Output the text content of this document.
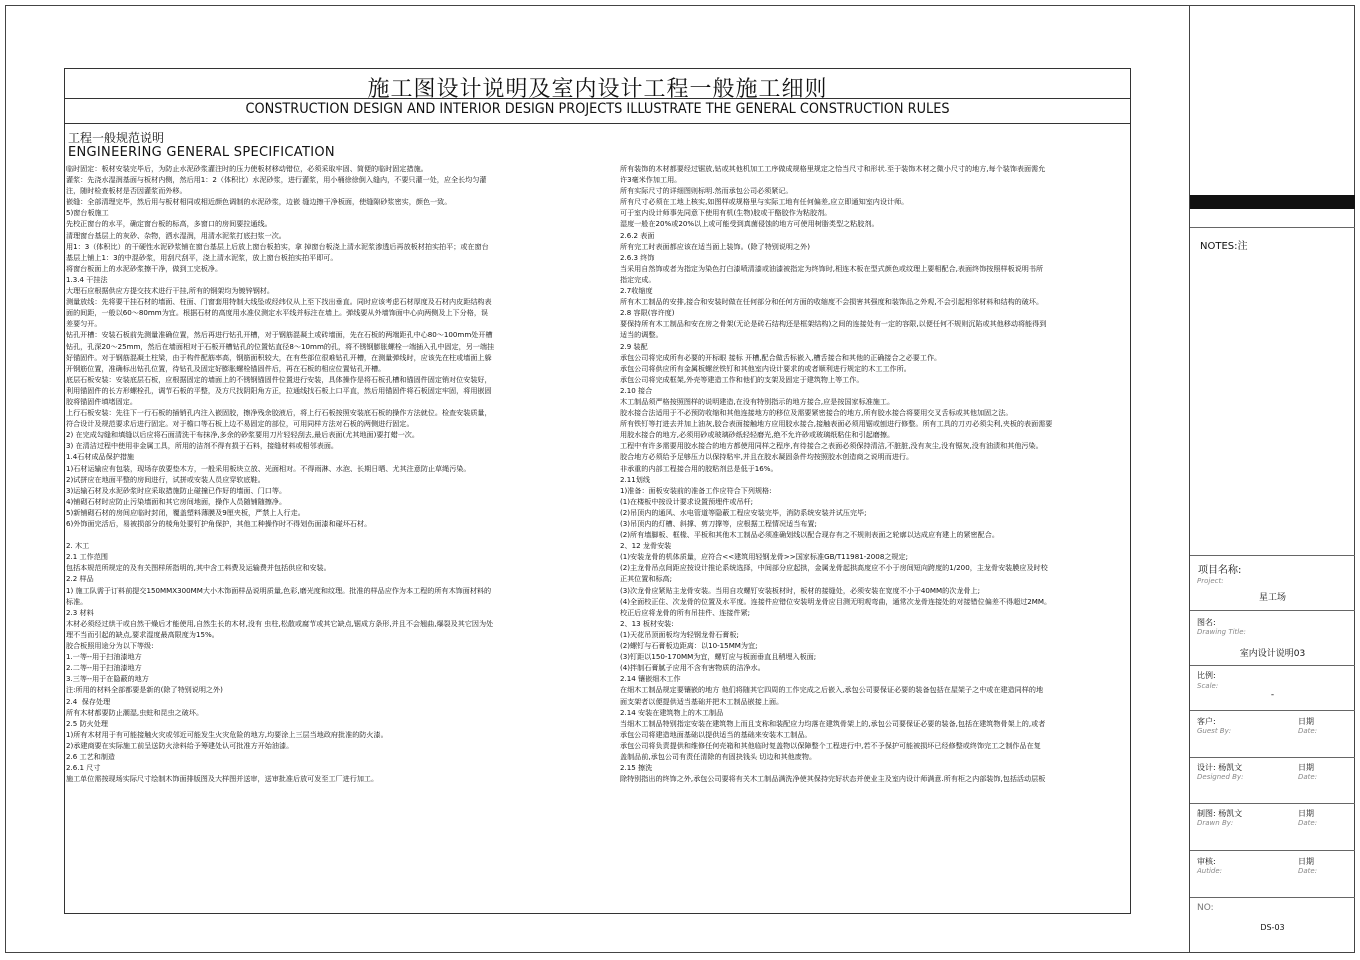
施工图设计说明及室内设计工程一般施工细则
CONSTRUCTION DESIGN AND INTERIOR DESIGN PROJECTS ILLUSTRATE THE GENERAL CONSTRUCTION RULES
工程一般规范说明
ENGINEERING GENERAL SPECIFICATION

临时固定：板材安装完毕后，为防止水泥砂浆灌注时的压力使板材移动错位，必须采取牢固、简便的临时固定措施。

灌浆：先浇水湿润基面与板材内侧，然后用1：2（体积比）水泥砂浆，进行灌浆，用小桶徐徐倒入缝内，不要只灌一处，应全长均匀灌

注，随时检查板材是否因灌浆而外移。

嵌缝：全部清理完毕，然后用与板材相同或相近颜色调制的水泥砂浆，边嵌 缝边擦干净板面，使缝隙砂浆密实，颜色一致。

5)窗台板施工

先校正窗台的水平，确定窗台板的标高，多窗口的房间要拉通线。

清理窗台基层上的灰砂、杂物，洒水湿润，用清水泥浆打底扫浆一次。

用1：3（体积比）的干硬性水泥砂浆铺在窗台基层上后放上窗台板拍实，拿 掉窗台板浇上清水泥浆渗透后再放板材拍实拍平；或在窗台

基层上铺上1：3的中混砂浆，用刮尺刮平，浇上清水泥浆，放上窗台板拍实拍平即可。

将窗台板面上的水泥砂浆擦干净，做到工完板净。

1.3.4 干挂法

大理石应根据供应方提交技术进行干挂,所有的钢架均为镀锌钢材。

测量放线：先将要干挂石材的墙面、柱面、门窗套用特制大线坠或经纬仪从上至下找出垂直。同时应该考虑石材厚度及石材内皮距结构表

面的间距，一般以60～80mm为宜。根据石材的高度用水准仪测定水平线并标注在墙上。弹线要从外墙饰面中心向两侧及上下分格，误

差要匀开。

钻孔开槽：安装石板前先测量准确位置，然后再进行钻孔开槽，对于钢筋混凝土或砖墙面，先在石板的两端距孔中心80～100mm处开槽

钻孔，孔深20～25mm，然后在墙面相对于石板开槽钻孔的位置钻直径8～10mm的孔，将不锈钢膨胀螺栓一端插入孔中固定，另一端挂

好锚固件。对于钢筋混凝土柱梁，由于构件配筋率高，钢筋面积较大，在有些部位很难钻孔开槽，在测量弹线时，应该先在柱或墙面上躲

开钢筋位置，准确标出钻孔位置，待钻孔及固定好膨胀螺栓锚固件后，再在石板的相应位置钻孔开槽。

底层石板安装：安装底层石板，应根据固定的墙面上的不锈钢锚固件位置进行安装，具体操作是将石板孔槽和锚固件固定销对位安装好，

利用锚固件的长方形螺栓孔，调节石板的平整，及方尺找阴阳角方正，拉通线找石板上口平直，然后用锚固件将石板固定牢固，将用嵌固

胶将锚固件填堵固定。

上行石板安装：先往下一行石板的插销孔内注入嵌固胶，擦净残余胶液后，将上行石板按照安装底石板的操作方法就位。检查安装质量，

符合设计及规范要求后进行固定。对于檐口等石板上边不易固定的部位，可用同样方法对石板的两侧进行固定。

2) 在完成勾缝和填缝以后应将石面清洗干布抹净,多余的砂浆要用刀片轻轻刮去,最后表面(尤其地面)要打蜡一次。

3) 在清洁过程中使用非金属工具，所用的洁剂不得有损于石料，接缝材料或相邻表面。

1.4石材成品保护措施

1)石材运输应有包装，现场存放要垫木方，一般采用板块立放、光面相对。不得雨淋、水泡、长期日晒、尤其注意防止草绳污染。

2)试拼应在地面平整的房间进行，试拼或安装人员应穿软底鞋。

3)运输石材及水泥砂浆时应采取措施防止碰撞已作好的墙面、门口等。

4)铺砌石材时应防止污染墙面和其它房间地面，操作人员随铺随擦净。

5)新铺砌石材的房间应临时封闭，覆盖塑料薄膜及9厘夹板，严禁上人行走。

6)外饰面完活后，易被损部分的棱角处要钉护角保护，其他工种操作时不得划伤面漆和碰坏石材。

2. 木工

2.1 工作范围

包括本规范所规定的及有关图样所指明的,其中含工料费及运输费并包括供应和安装。

2.2 样品

1) 施工队需于订料前提交150MMX300MM大小木饰面样品说明质量,色彩,磨光度和纹理。批准的样品应作为本工程的所有木饰面材料的

标准。

2.3 材料

木材必须经过烘干或自然干燥后才能使用,自然生长的木材,没有 虫柱,松散或腐节或其它缺点,锯成方条形,并且不会翘曲,爆裂及其它因为处

理不当而引起的缺点,要求湿度最高限度为15%。

胶合板照用途分为以下等级:

1.一等--用于扫油漆地方

2.二等--用于扫油漆地方

3.三等--用于在隐蔽的地方

注:所用的材料全部都要是新的(除了特别说明之外)

2.4  保存处理

所有木材都要防止潮湿,虫蛀和昆虫之破坏。

2.5 防火处理

1)所有木材用于有可能接触火灾或邻近可能发生火灾危险的地方,均要涂上三层当地政府批准的防火漆。

2)承建商要在实际施工前呈送防火涂料给予筹建处认可批准方开始油漆。

2.6 工艺和制造

2.6.1 尺寸

施工单位需按现场实际尺寸绘制木饰面排版图及大样图并送审，送审批准后放可发至工厂进行加工。

所有装饰的木材都要经过锯放,钻或其他机加工工序做成规格里规定之恰当尺寸和形状.至于装饰木材之微小尺寸的地方,每个装饰表面需允

许3毫米作加工用。

所有实际尺寸的详细图则标明.然而承包公司必须紧记。

所有尺寸必须在工地上核实,如图样或规格里与实际工地有任何偏差,应立即通知室内设计师。

可于室内设计师事先同意下使用有机(生物)胶或干酪胶作为粘胶剂。

湿度一般在20%或20%以上或可能受到真菌侵蚀的地方可使用树脂类型之粘胶剂。

2.6.2 表面

所有完工时表面都应该在适当面上装饰。(除了特别说明之外)

2.6.3 终饰

当采用自然饰或者为指定为染色打白漆喷清漆或油漆被指定为终饰时,相连木板在型式颜色或纹理上要相配合,表面终饰按照样板说明书所

指定完成。

2.7收缩度

所有木工制品的安排,接合和安装时做在任何部分和任何方面的收缩度不会损害其强度和装饰品之外观,不会引起相邻材料和结构的破坏。

2.8 容限(容许度)

要保持所有木工制品和安在房之骨架(无论是砖石结构还是框架结构)之间的连接处有一定的容限,以便任何不规则沉陷或其他移动将能得到

适当的调整。

2.9 装配

承包公司将完成所有必要的开标眼 接标 开槽,配合做舌标嵌入,槽舌接合和其他的正确接合之必要工作。

承包公司将供应所有金属板螺丝铁钉和其他室内设计要求的或者顺利进行规定的木工工作所。

承包公司将完成框架,外壳等建造工作和他们的支架及固定于建筑物上等工作。

2.10 接合

木工制品须严格按照图样的说明建造,在没有特别指示的地方接合,应是按国家标准施工。

胶水接合法适用于不必预防收缩和其他连接地方的移位及需要紧密接合的地方,所有胶水接合将要用交叉舌标或其他加固之法。

所有铁钉等打进去并加上油灰,胶合表面接触地方应用胶水接合,接触表面必须用锯或刨进行修整。所有工具的刀刃必须尖利,夹板的表面需要

用胶水接合的地方,必须用砂或玻璃砂纸轻轻磨光,绝不允许砂或玻璃纸粘住和引起磨擦。

工程中有许多需要用胶水接合的地方都使用同样之程序,有待接合之表面必须保持清洁,不脏脏,没有灰尘,没有锯灰,没有油渍和其他污染。

胶合地方必须给予足够压力以保持粘牢,并且在胶水凝固条件均按照胶水创造商之说明而进行。

非承重的内部工程接合用的胶粘剂总是低于16%。

2.11划线

1)准备：面板安装前的准备工作应符合下列规格:

(1)在楼板中按设计要求设置预埋件或吊杆;

(2)吊顶内的通风、水电管道等隐蔽工程应安装完毕，消防系统安装并试压完毕;

(3)吊顶内的灯槽、斜撑、剪刀撑等，应根据工程情况适当布置;

(2)所有墙脚板、框椽、平板和其他木工制品必须准确划线以配合现存有之不规则表面之轮廓以达成应有建上的紧密配合。

2、12 龙骨安装

(1)安装龙骨的机体质量，应符合<<建筑用轻钢龙骨>>国家标准GB/T11981-2008之规定;

(2)主龙骨吊点间距应按设计推论系统选择，中间部分应起拱，金属龙骨起拱高度应不小于房间短向跨度的1/200，主龙骨安装膜应及时校

正其位置和标高;

(3)次龙骨应紧贴主龙骨安装。当用自攻螺钉安装板材时，板材的接缝处，必须安装在宽度不小于40MM的次龙骨上;

(4)全面校正住、次龙骨的位置及水平度。连接件应错位安装明龙骨应目测无明观弯曲，通常次龙骨连接处的对接错位偏差不得超过2MM。

校正后应将龙骨的所有吊挂件、连接件紧;

2、13 板材安装:

(1)天花吊顶面板均为轻钢龙骨石膏板;

(2)螺钉与石膏板边距离：以10-15MM为宜;

(3)钉距以150-170MM为宜，螺钉应与板面垂直且稍埋入板面;

(4)拌制石膏腻子应用不含有害物质的洁净水。

2.14 镶嵌细木工作

在细木工制品规定要镶嵌的地方 他们将随其它四周的工作完成之后嵌入,承包公司要保证必要的装备包括在屋架子之中或在建造同样的地

面支架者以便提供适当基础并把木工制品嵌接上面。

2.14 安装在建筑物上的木工制品

当细木工制品特别指定安装在建筑物上而且支称和装配应力均落在建筑骨架上的,承包公司要保证必要的装备,包括在建筑物骨架上的,或者

承包公司将建造地面基础以提供适当的基础来安装木工制品。

承包公司将负责提供和维修任何壳箱和其他临时复盖物以保障整个工程进行中,若不予保护可能被损坏已经修整或终饰完工之制作品在复

盖制品前,承包公司有责任清除的有固抉钱头 切边和其他废物。

2.15 擦洗

除特别指出的终饰之外,承包公司要将有关木工制品满洗净使其保持完好状态并使业主及室内设计师满意.所有柜之内部装饰,包括活动层板

NOTES:注
项目名称:
Project:
星工场
图名:
Drawing Title:
室内设计说明03
比例:
Scale:
-
客户:
Guest By:
日期
Date:
设计: 杨凯文
Designed By:
日期
Date:
制图: 杨凯文
Drawn By:
日期
Date:
审核:
Autide:
日期
Date:
NO:
DS-03
